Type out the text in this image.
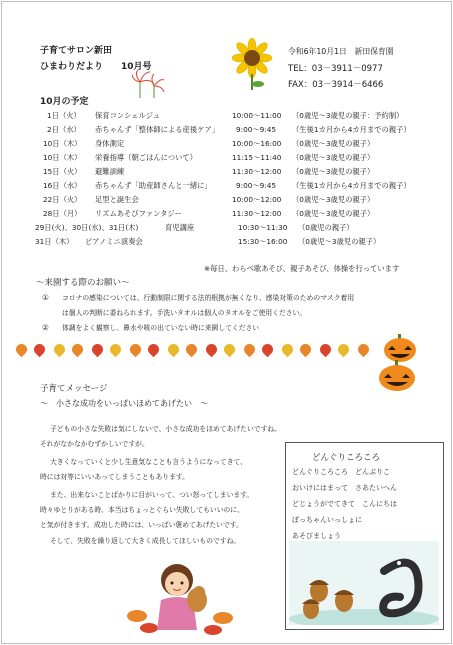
子育てサロン新田
ひまわりだより　　10月号
令和6年10月1日　新田保育園
TEL：03－3911－0977
FAX：03－3914－6466
10月の予定
1日（火） 保育コンシェルジュ	10:00～11:00 （0歳児～3歳児の親子：予約制）
2日（水） 赤ちゃんず「整体師による産後ケア」 9:00～9:45 （生後1カ月から4カ月までの親子）
10日（木） 身体測定	10:00～16:00 （0歳児～3歳児の親子）
10日（木） 栄養指導（朝ごはんについて）	11:15～11:40 （0歳児～3歳児の親子）
15日（火） 避難訓練	11:30～12:00 （0歳児～3歳児の親子）
16日（水） 赤ちゃんず「助産師さんと一緒に」	9:00～9:45 （生後1カ月から4カ月までの親子）
22日（火） 足型と誕生会	10:00～12:00 （0歳児～3歳児の親子）
28日（月） リズムあそびファンタジー	11:30～12:00 （0歳児～3歳児の親子）
29日(火)、30日(水)、31日(木)	育児講座	10:30～11:30 （0歳児の親子）
31日（木） ピアノミニ演奏会	15:30～16:00 （0歳児～3歳児の親子）
※毎日、わらべ歌あそび、親子あそび、体操を行っています
～来園する際のお願い～
① コロナの感染については、行動制限に関する法的根拠が無くなり、感染対策のためのマスク着用
は個人の判断に委ねられます。手洗いタオルは個人のタオルをご使用ください。
② 体調をよく観察し、鼻水や咳の出ていない時に来園してください
子育てメッセージ
～　小さな成功をいっぱいほめてあげたい　～
子どもの小さな失敗は気にしないで、小さな成功をほめてあげたいですね。
それがなかなかむずかしいですが。
大きくなっていくと少し生意気なことも言うようになってきて、
時には対等にいいあってしまうこともあります。
また、出来ないことばかりに目がいって、つい怒ってしまいます。
時々ゆとりがある時、本当はちょっとぐらい失敗してもいいのに、
と気が付きます。成功した時には、いっぱい褒めてあげたいです。
そして、失敗を繰り返して大きく成長してほしいものですね。
どんぐりころころ
どんぐりころころ　どんぶりこ
おいけにはまって　さあたいへん
どじょうがでてきて　こんにちは
ぼっちゃんいっしょに
あそびましょう
